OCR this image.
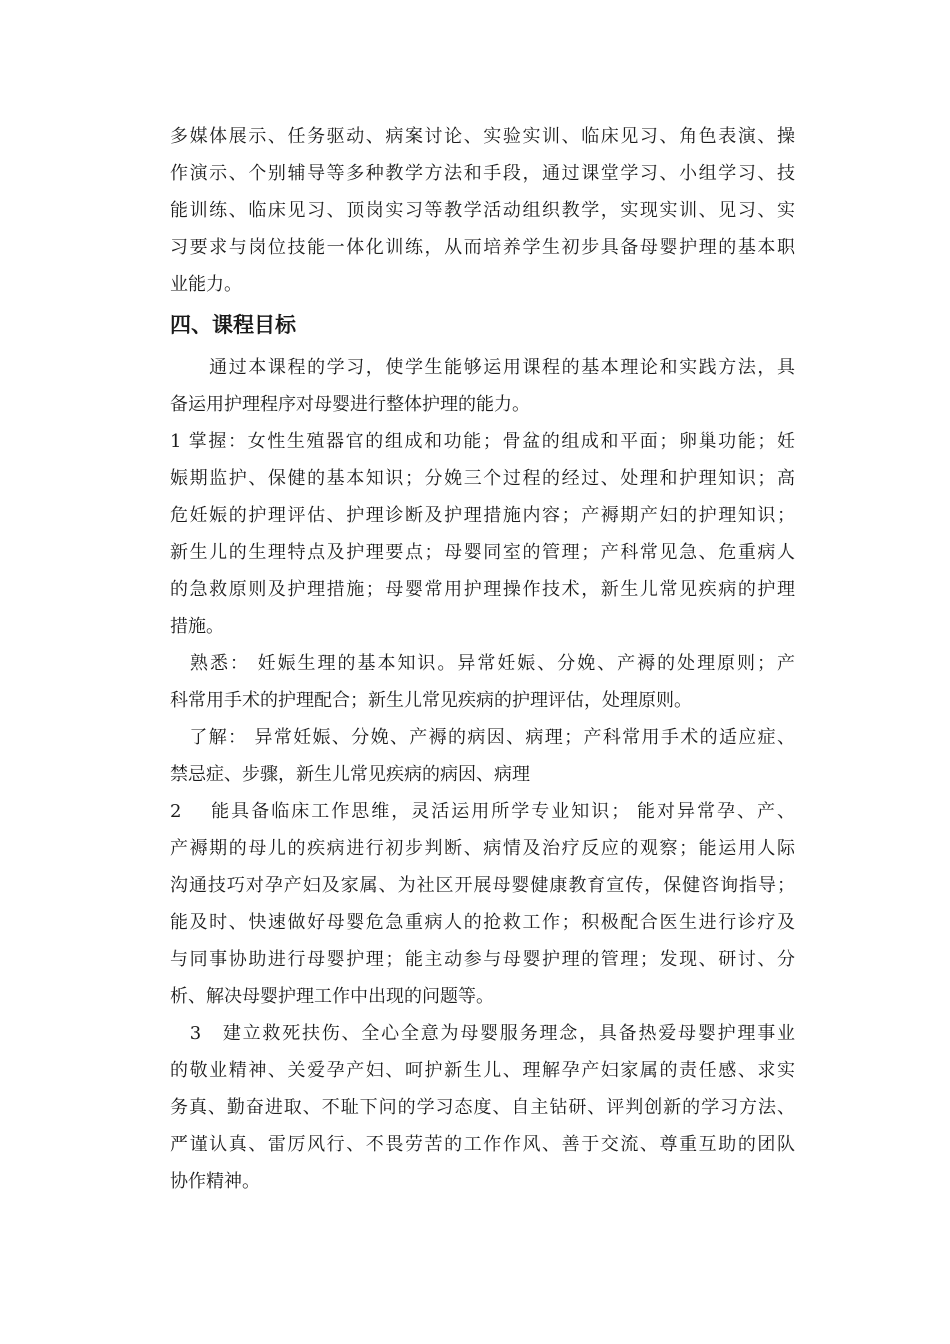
多媒体展示、任务驱动、病案讨论、实验实训、临床见习、角色表演、操
作演示、个别辅导等多种教学方法和手段，通过课堂学习、小组学习、技
能训练、临床见习、顶岗实习等教学活动组织教学，实现实训、见习、实
习要求与岗位技能一体化训练，从而培养学生初步具备母婴护理的基本职
业能力。
四、课程目标
　　通过本课程的学习，使学生能够运用课程的基本理论和实践方法，具
备运用护理程序对母婴进行整体护理的能力。
1 掌握：女性生殖器官的组成和功能；骨盆的组成和平面；卵巢功能；妊
娠期监护、保健的基本知识；分娩三个过程的经过、处理和护理知识；高
危妊娠的护理评估、护理诊断及护理措施内容；产褥期产妇的护理知识；
新生儿的生理特点及护理要点；母婴同室的管理；产科常见急、危重病人
的急救原则及护理措施；母婴常用护理操作技术，新生儿常见疾病的护理
措施。
　熟悉： 妊娠生理的基本知识。异常妊娠、分娩、产褥的处理原则；产
科常用手术的护理配合；新生儿常见疾病的护理评估，处理原则。
　了解： 异常妊娠、分娩、产褥的病因、病理；产科常用手术的适应症、
禁忌症、步骤，新生儿常见疾病的病因、病理
2　 能具备临床工作思维，灵活运用所学专业知识； 能对异常孕、产、
产褥期的母儿的疾病进行初步判断、病情及治疗反应的观察；能运用人际
沟通技巧对孕产妇及家属、为社区开展母婴健康教育宣传，保健咨询指导；
能及时、快速做好母婴危急重病人的抢救工作；积极配合医生进行诊疗及
与同事协助进行母婴护理；能主动参与母婴护理的管理；发现、研讨、分
析、解决母婴护理工作中出现的问题等。
　3　建立救死扶伤、全心全意为母婴服务理念，具备热爱母婴护理事业
的敬业精神、关爱孕产妇、呵护新生儿、理解孕产妇家属的责任感、求实
务真、勤奋进取、不耻下问的学习态度、自主钻研、评判创新的学习方法、
严谨认真、雷厉风行、不畏劳苦的工作作风、善于交流、尊重互助的团队
协作精神。
